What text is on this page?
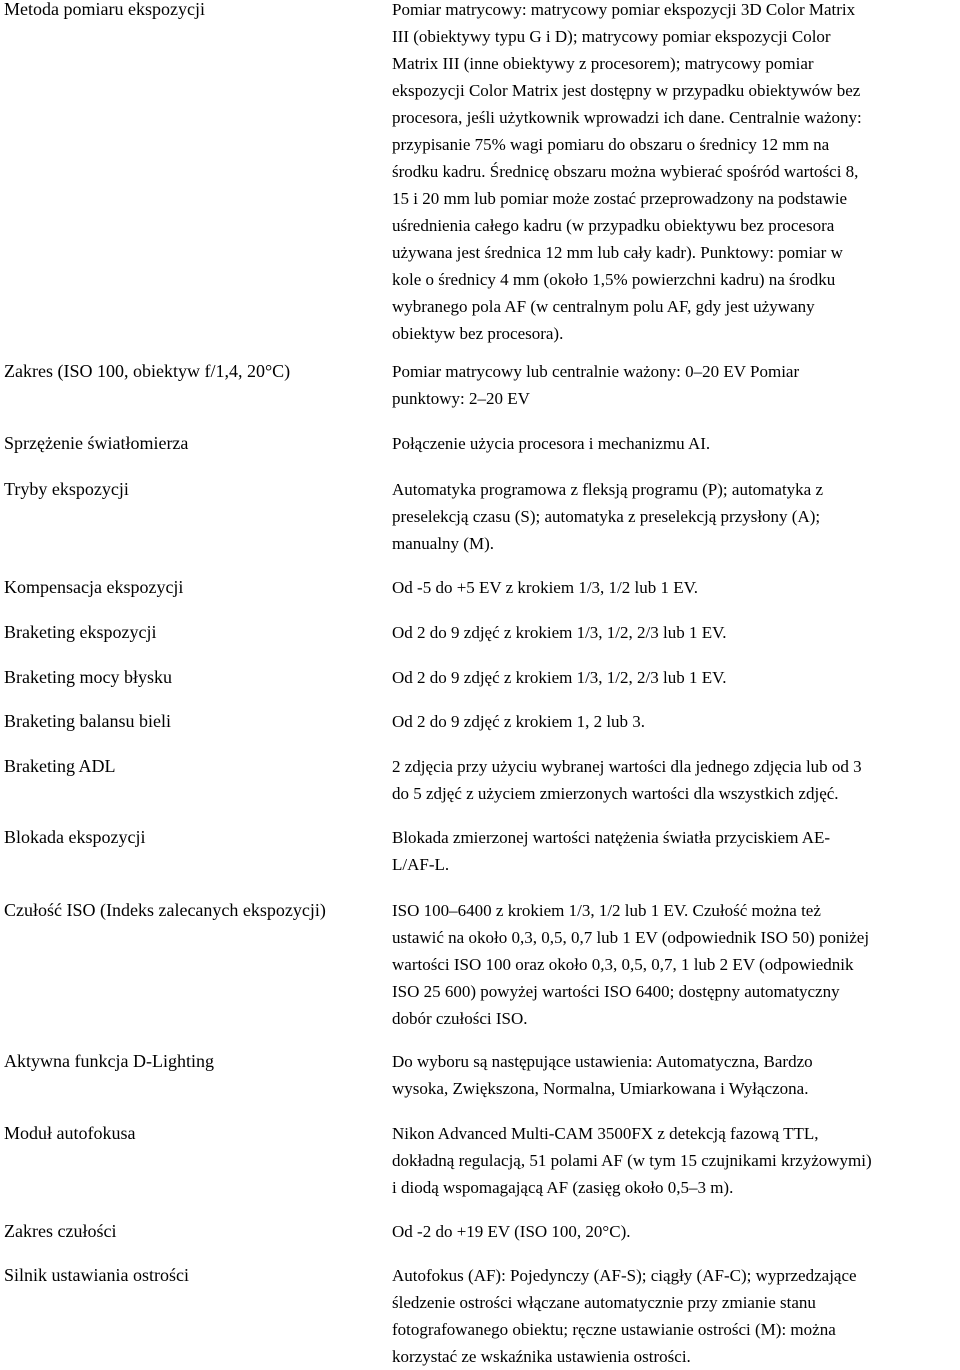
Metoda pomiaru ekspozycji	Pomiar matrycowy: matrycowy pomiar ekspozycji 3D Color Matrix
III (obiektywy typu G i D); matrycowy pomiar ekspozycji Color
Matrix III (inne obiektywy z procesorem); matrycowy pomiar
ekspozycji Color Matrix jest dostępny w przypadku obiektywów bez
procesora, jeśli użytkownik wprowadzi ich dane. Centralnie ważony:
przypisanie 75% wagi pomiaru do obszaru o średnicy 12 mm na
środku kadru. Średnicę obszaru można wybierać spośród wartości 8,
15 i 20 mm lub pomiar może zostać przeprowadzony na podstawie
uśrednienia całego kadru (w przypadku obiektywu bez procesora
używana jest średnica 12 mm lub cały kadr). Punktowy: pomiar w
kole o średnicy 4 mm (około 1,5% powierzchni kadru) na środku
wybranego pola AF (w centralnym polu AF, gdy jest używany
obiektyw bez procesora).
Zakres (ISO 100, obiektyw f/1,4, 20°C)	Pomiar matrycowy lub centralnie ważony: 0–20 EV Pomiar
punktowy: 2–20 EV
Sprzężenie światłomierza	Połączenie użycia procesora i mechanizmu AI.
Tryby ekspozycji	Automatyka programowa z fleksją programu (P); automatyka z
preselekcją czasu (S); automatyka z preselekcją przysłony (A);
manualny (M).
Kompensacja ekspozycji	Od -5 do +5 EV z krokiem 1/3, 1/2 lub 1 EV.
Braketing ekspozycji	Od 2 do 9 zdjęć z krokiem 1/3, 1/2, 2/3 lub 1 EV.
Braketing mocy błysku	Od 2 do 9 zdjęć z krokiem 1/3, 1/2, 2/3 lub 1 EV.
Braketing balansu bieli	Od 2 do 9 zdjęć z krokiem 1, 2 lub 3.
Braketing ADL	2 zdjęcia przy użyciu wybranej wartości dla jednego zdjęcia lub od 3
do 5 zdjęć z użyciem zmierzonych wartości dla wszystkich zdjęć.
Blokada ekspozycji	Blokada zmierzonej wartości natężenia światła przyciskiem AE-
L/AF-L.
Czułość ISO (Indeks zalecanych ekspozycji)	ISO 100–6400 z krokiem 1/3, 1/2 lub 1 EV. Czułość można też
ustawić na około 0,3, 0,5, 0,7 lub 1 EV (odpowiednik ISO 50) poniżej
wartości ISO 100 oraz około 0,3, 0,5, 0,7, 1 lub 2 EV (odpowiednik
ISO 25 600) powyżej wartości ISO 6400; dostępny automatyczny
dobór czułości ISO.
Aktywna funkcja D-Lighting	Do wyboru są następujące ustawienia: Automatyczna, Bardzo
wysoka, Zwiększona, Normalna, Umiarkowana i Wyłączona.
Moduł autofokusa	Nikon Advanced Multi-CAM 3500FX z detekcją fazową TTL,
dokładną regulacją, 51 polami AF (w tym 15 czujnikami krzyżowymi)
i diodą wspomagającą AF (zasięg około 0,5–3 m).
Zakres czułości	Od -2 do +19 EV (ISO 100, 20°C).
Silnik ustawiania ostrości	Autofokus (AF): Pojedynczy (AF-S); ciągły (AF-C); wyprzedzające
śledzenie ostrości włączane automatycznie przy zmianie stanu
fotografowanego obiektu; ręczne ustawianie ostrości (M): można
korzystać ze wskaźnika ustawienia ostrości.
